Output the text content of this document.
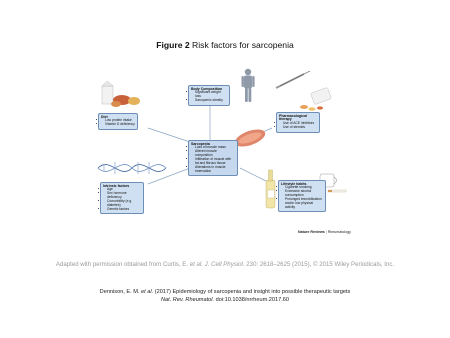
Figure 2 Risk factors for sarcopenia
Body Composition
• Significant weight loss
• Sarcopenic obesity
Diet
• Low protein intake
• Vitamin D deficiency
Pharmacological therapy
• Use of ACE inhibitors
• Use of steroids
Sarcopenia
• Loss of muscle mass
• Altered muscle composition
• Infiltration of muscle with fat and fibrous tissue
• Alterations in muscle innervation
Intrinsic factors
• Age
• Sex hormone deficiency
• Comorbidity (e.g. diabetes)
• Genetic factors
Lifestyle habits
• Cigarette smoking
• Excessive alcohol consumption
• Prolonged immobilization and/or low physical activity
Nature Reviews | Rheumatology
Adapted with permission obtained from Curtis, E. et al. J. Cell Physiol. 230: 2618–2625 (2015), © 2015 Wiley Periodicals, Inc.
Dennison, E. M. et al. (2017) Epidemiology of sarcopenia and insight into possible therapeutic targets
Nat. Rev. Rheumatol. doi:10.1038/nrrheum.2017.60
